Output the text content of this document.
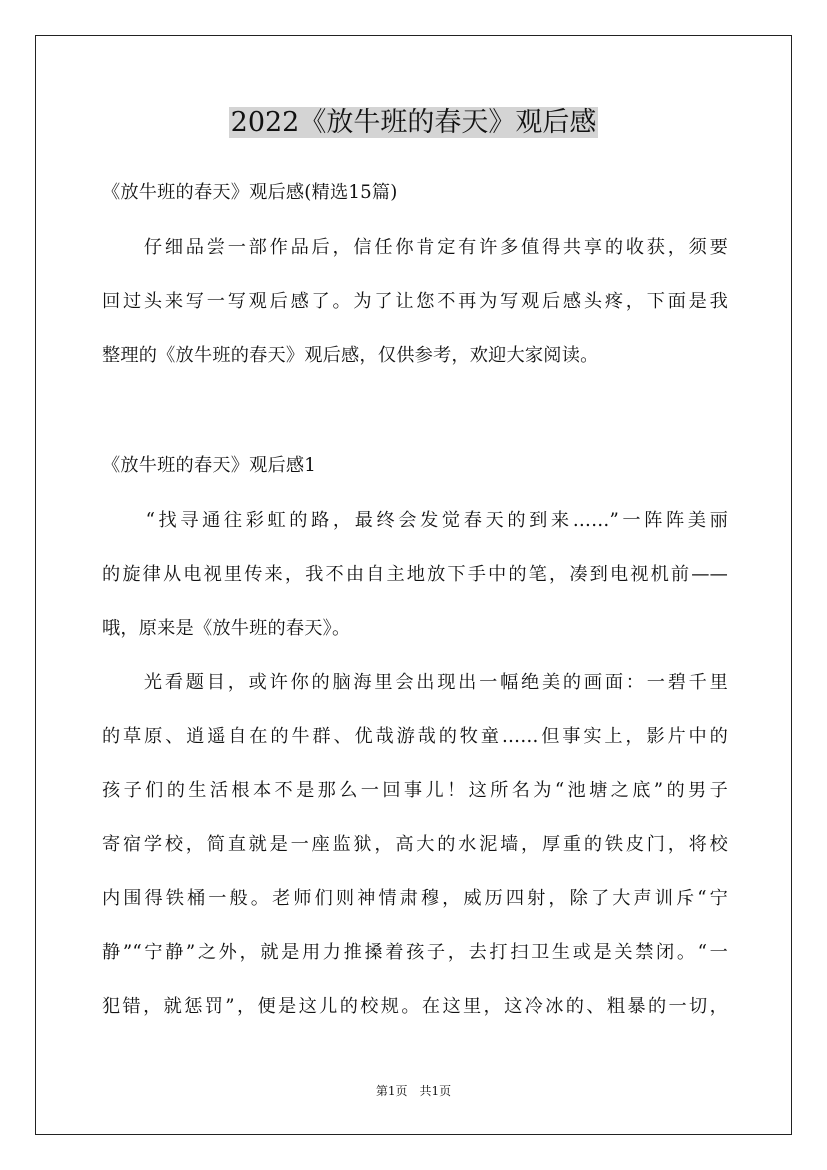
2022《放牛班的春天》观后感
《放牛班的春天》观后感(精选15篇)
　　仔细品尝一部作品后，信任你肯定有许多值得共享的收获，须要
回过头来写一写观后感了。为了让您不再为写观后感头疼，下面是我
整理的《放牛班的春天》观后感，仅供参考，欢迎大家阅读。
《放牛班的春天》观后感1
　　“找寻通往彩虹的路，最终会发觉春天的到来……”一阵阵美丽
的旋律从电视里传来，我不由自主地放下手中的笔，凑到电视机前——
哦，原来是《放牛班的春天》。
　　光看题目，或许你的脑海里会出现出一幅绝美的画面：一碧千里
的草原、逍遥自在的牛群、优哉游哉的牧童……但事实上，影片中的
孩子们的生活根本不是那么一回事儿！这所名为“池塘之底”的男子
寄宿学校，简直就是一座监狱，高大的水泥墙，厚重的铁皮门，将校
内围得铁桶一般。老师们则神情肃穆，威历四射，除了大声训斥“宁
静”“宁静”之外，就是用力推搡着孩子，去打扫卫生或是关禁闭。“一
犯错，就惩罚”，便是这儿的校规。在这里，这冷冰的、粗暴的一切，
第1页　共1页
